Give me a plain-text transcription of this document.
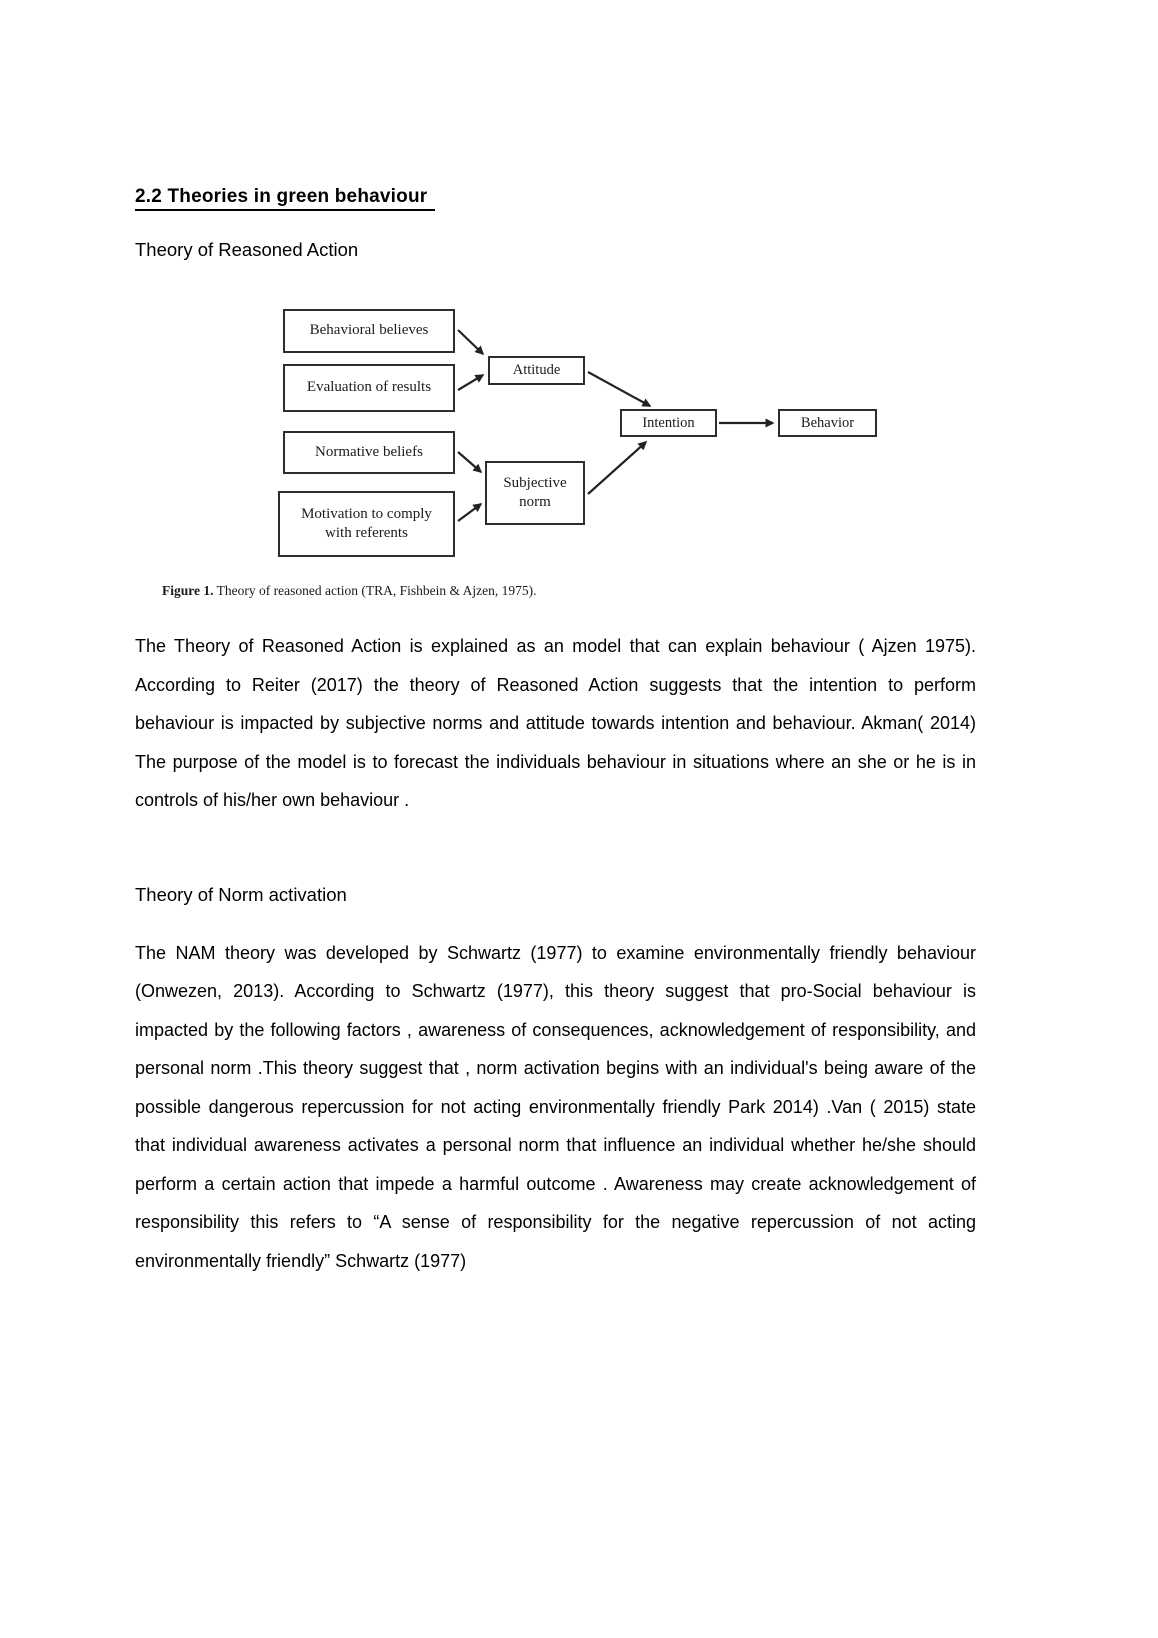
2.2 Theories in green behaviour

Theory of Reasoned Action

Behavioral believes
Evaluation of results
Attitude
Normative beliefs
Motivation to comply with referents
Subjective norm
Intention	Behavior

Figure 1. Theory of reasoned action (TRA, Fishbein & Ajzen, 1975).

The Theory of Reasoned Action is explained as an model that can explain behaviour ( Ajzen 1975). According to Reiter (2017) the theory of Reasoned Action suggests that the intention to perform behaviour is impacted by subjective norms and attitude towards intention and behaviour. Akman( 2014) The purpose of the model is to forecast the individuals behaviour in situations where an she or he is in controls of his/her own behaviour .

Theory of Norm activation

The NAM theory was developed by Schwartz (1977) to examine environmentally friendly behaviour (Onwezen, 2013). According to Schwartz (1977), this theory suggest that pro-Social behaviour is impacted by the following factors , awareness of consequences, acknowledgement of responsibility, and personal norm .This theory suggest that , norm activation begins with an individual's being aware of the possible dangerous repercussion for not acting environmentally friendly Park 2014) .Van ( 2015) state that individual awareness activates a personal norm that influence an individual whether he/she should perform a certain action that impede a harmful outcome . Awareness may create acknowledgement of responsibility this refers to “A sense of responsibility for the negative repercussion of not acting environmentally friendly” Schwartz (1977)
